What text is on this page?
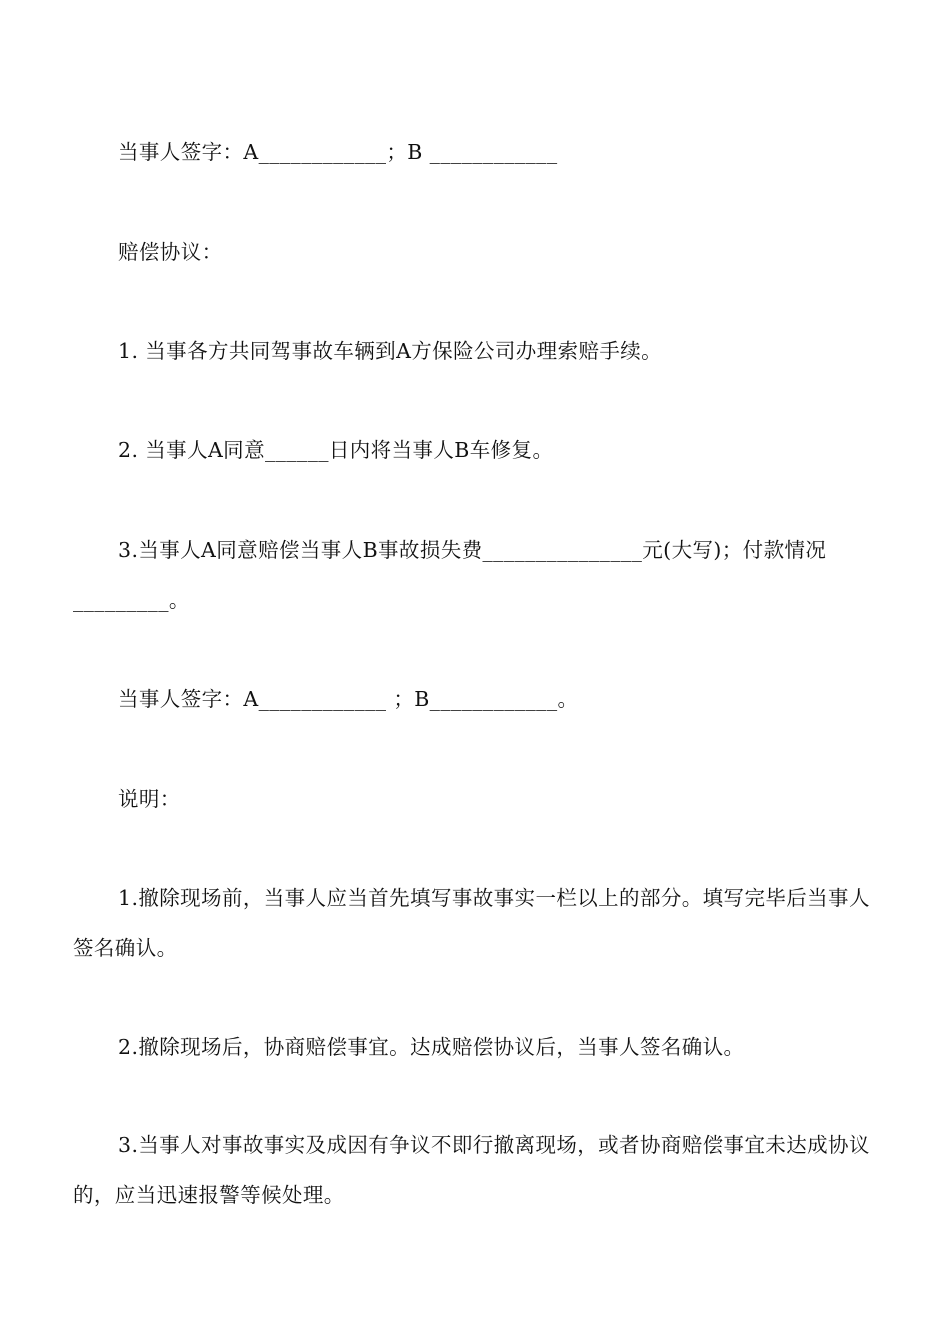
当事人签字：A____________；B ____________

赔偿协议：

1. 当事各方共同驾事故车辆到A方保险公司办理索赔手续。

2. 当事人A同意______日内将当事人B车修复。

3.当事人A同意赔偿当事人B事故损失费_______________元(大写)；付款情况_________。

当事人签字：A____________ ；B____________。

说明：

1.撤除现场前，当事人应当首先填写事故事实一栏以上的部分。填写完毕后当事人签名确认。

2.撤除现场后，协商赔偿事宜。达成赔偿协议后，当事人签名确认。

3.当事人对事故事实及成因有争议不即行撤离现场，或者协商赔偿事宜未达成协议的，应当迅速报警等候处理。
